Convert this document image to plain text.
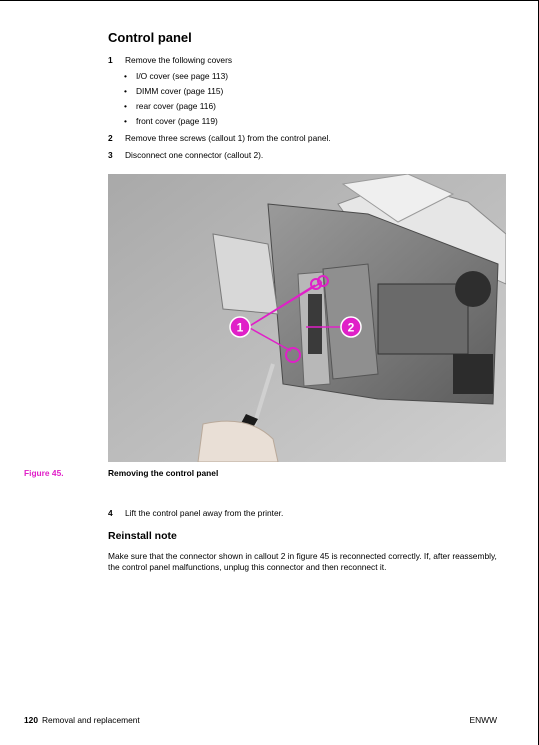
Control panel
1 Remove the following covers
• I/O cover (see page 113)
• DIMM cover (page 115)
• rear cover (page 116)
• front cover (page 119)
2 Remove three screws (callout 1) from the control panel.
3 Disconnect one connector (callout 2).
1	2
Figure 45.	Removing the control panel
4 Lift the control panel away from the printer.
Reinstall note

Make sure that the connector shown in callout 2 in figure 45 is reconnected correctly. If, after reassembly, the control panel malfunctions, unplug this connector and then reconnect it.

120 Removal and replacement	ENWW
